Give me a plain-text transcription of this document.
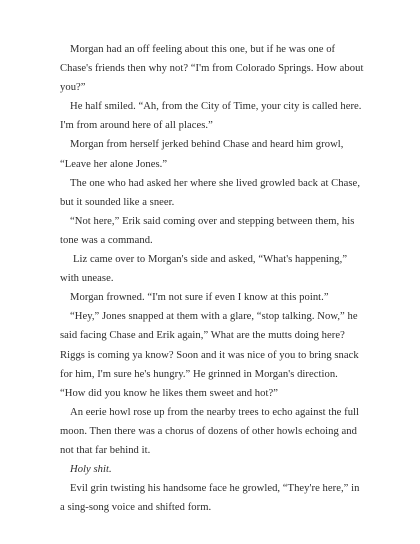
Morgan had an off feeling about this one, but if he was one of Chase's friends then why not? “I'm from Colorado Springs. How about you?”

He half smiled. “Ah, from the City of Time, your city is called here. I'm from around here of all places.”

Morgan from herself jerked behind Chase and heard him growl, “Leave her alone Jones.”

The one who had asked her where she lived growled back at Chase, but it sounded like a sneer.

“Not here,” Erik said coming over and stepping between them, his tone was a command.

Liz came over to Morgan's side and asked, “What's happening,” with unease.

Morgan frowned. “I'm not sure if even I know at this point.”

“Hey,” Jones snapped at them with a glare, “stop talking. Now,” he said facing Chase and Erik again,” What are the mutts doing here? Riggs is coming ya know? Soon and it was nice of you to bring snack for him, I'm sure he's hungry.” He grinned in Morgan's direction.

“How did you know he likes them sweet and hot?”

An eerie howl rose up from the nearby trees to echo against the full moon. Then there was a chorus of dozens of other howls echoing and not that far behind it.

Holy shit.

Evil grin twisting his handsome face he growled, “They're here,” in a sing-song voice and shifted form.
